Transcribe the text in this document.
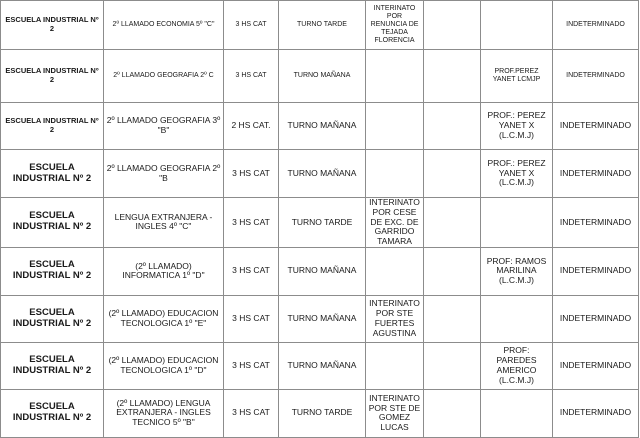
ESCUELA INDUSTRIAL Nº 2	2º LLAMADO ECONOMIA 5º "C"	3 HS CAT	TURNO TARDE	INTERINATO POR RENUNCIA DE TEJADA FLORENCIA			INDETERMINADO
ESCUELA INDUSTRIAL Nº 2	2º LLAMADO GEOGRAFIA 2º C	3 HS CAT	TURNO MAÑANA			PROF.PEREZ YANET LCMJP	INDETERMINADO
ESCUELA INDUSTRIAL Nº 2	2º LLAMADO GEOGRAFIA 3º "B"	2 HS CAT.	TURNO MAÑANA			PROF.: PEREZ YANET X (L.C.M.J)	INDETERMINADO
ESCUELA INDUSTRIAL Nº 2	2º LLAMADO GEOGRAFIA 2º "B	3 HS CAT	TURNO MAÑANA			PROF.: PEREZ YANET X (L.C.M.J)	INDETERMINADO
ESCUELA INDUSTRIAL Nº 2	LENGUA EXTRANJERA - INGLES 4º "C"	3 HS CAT	TURNO TARDE	INTERINATO POR CESE DE EXC. DE GARRIDO TAMARA			INDETERMINADO
ESCUELA INDUSTRIAL Nº 2	(2º LLAMADO) INFORMATICA 1º "D"	3 HS CAT	TURNO MAÑANA			PROF: RAMOS MARILINA (L.C.M.J)	INDETERMINADO
ESCUELA INDUSTRIAL Nº 2	(2º LLAMADO) EDUCACION TECNOLOGICA 1º "E"	3 HS CAT	TURNO MAÑANA	INTERINATO POR STE FUERTES AGUSTINA			INDETERMINADO
ESCUELA INDUSTRIAL Nº 2	(2º LLAMADO) EDUCACION TECNOLOGICA 1º "D"	3 HS CAT	TURNO MAÑANA			PROF: PAREDES AMERICO (L.C.M.J)	INDETERMINADO
ESCUELA INDUSTRIAL Nº 2	(2º LLAMADO) LENGUA EXTRANJERA - INGLES TECNICO 5º "B"	3 HS CAT	TURNO TARDE	INTERINATO POR STE DE GOMEZ LUCAS			INDETERMINADO
